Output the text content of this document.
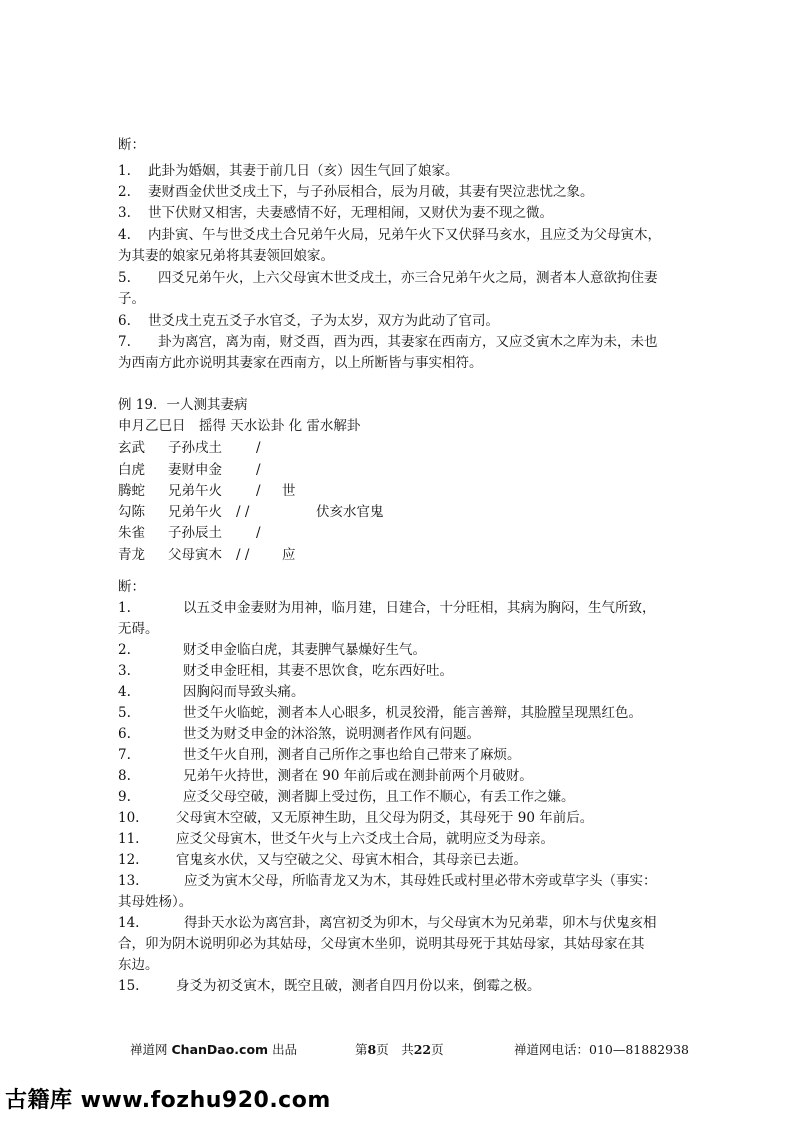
断：
1. 此卦为婚姻，其妻于前几日（亥）因生气回了娘家。
2. 妻财酉金伏世爻戌土下，与子孙辰相合，辰为月破，其妻有哭泣悲忧之象。
3. 世下伏财又相害，夫妻感情不好，无理相闹，又财伏为妻不现之微。
4. 内卦寅、午与世爻戌土合兄弟午火局，兄弟午火下又伏驿马亥水，且应爻为父母寅木，
为其妻的娘家兄弟将其妻领回娘家。
5. 四爻兄弟午火，上六父母寅木世爻戌土，亦三合兄弟午火之局，测者本人意欲拘住妻
子。
6. 世爻戌土克五爻子水官爻，子为太岁，双方为此动了官司。
7. 卦为离宫，离为南，财爻酉，酉为西，其妻家在西南方，又应爻寅木之库为未，未也
为西南方此亦说明其妻家在西南方，以上所断皆与事实相符。
例 19．一人测其妻病
申月乙巳日　摇得 天水讼卦 化 雷水解卦
玄武 子孙戌土	/
白虎 妻财申金	/
腾蛇 兄弟午火	/ 世
勾陈 兄弟午火 / /	伏亥水官鬼
朱雀 子孙辰土	/
青龙 父母寅木 / / 应
断：
1.	以五爻申金妻财为用神，临月建，日建合，十分旺相，其病为胸闷，生气所致，
无碍。
2.	财爻申金临白虎，其妻脾气暴燥好生气。
3.	财爻申金旺相，其妻不思饮食，吃东西好吐。
4.	因胸闷而导致头痛。
5.	世爻午火临蛇，测者本人心眼多，机灵狡滑，能言善辩，其脸膛呈现黑红色。
6.	世爻为财爻申金的沐浴煞，说明测者作风有问题。
7.	世爻午火自刑，测者自己所作之事也给自己带来了麻烦。
8.	兄弟午火持世，测者在 90 年前后或在测卦前两个月破财。
9.	应爻父母空破，测者脚上受过伤，且工作不顺心，有丢工作之嫌。
10.	父母寅木空破，又无原神生助，且父母为阴爻，其母死于 90 年前后。
11.	应爻父母寅木，世爻午火与上六爻戌土合局，就明应爻为母亲。
12.	官鬼亥水伏，又与空破之父、母寅木相合，其母亲已去逝。
13.	应爻为寅木父母，所临青龙又为木，其母姓氏或村里必带木旁或草字头（事实：
其母姓杨）。
14.	得卦天水讼为离宫卦，离宫初爻为卯木，与父母寅木为兄弟辈，卯木与伏鬼亥相
合，卯为阴木说明卯必为其姑母，父母寅木坐卯，说明其母死于其姑母家，其姑母家在其
东边。
15.	身爻为初爻寅木，既空且破，测者自四月份以来，倒霉之极。
禅道网 ChanDao.com 出品	第8页　共22页	禅道网电话：010—81882938
古籍库 www.fozhu920.com
